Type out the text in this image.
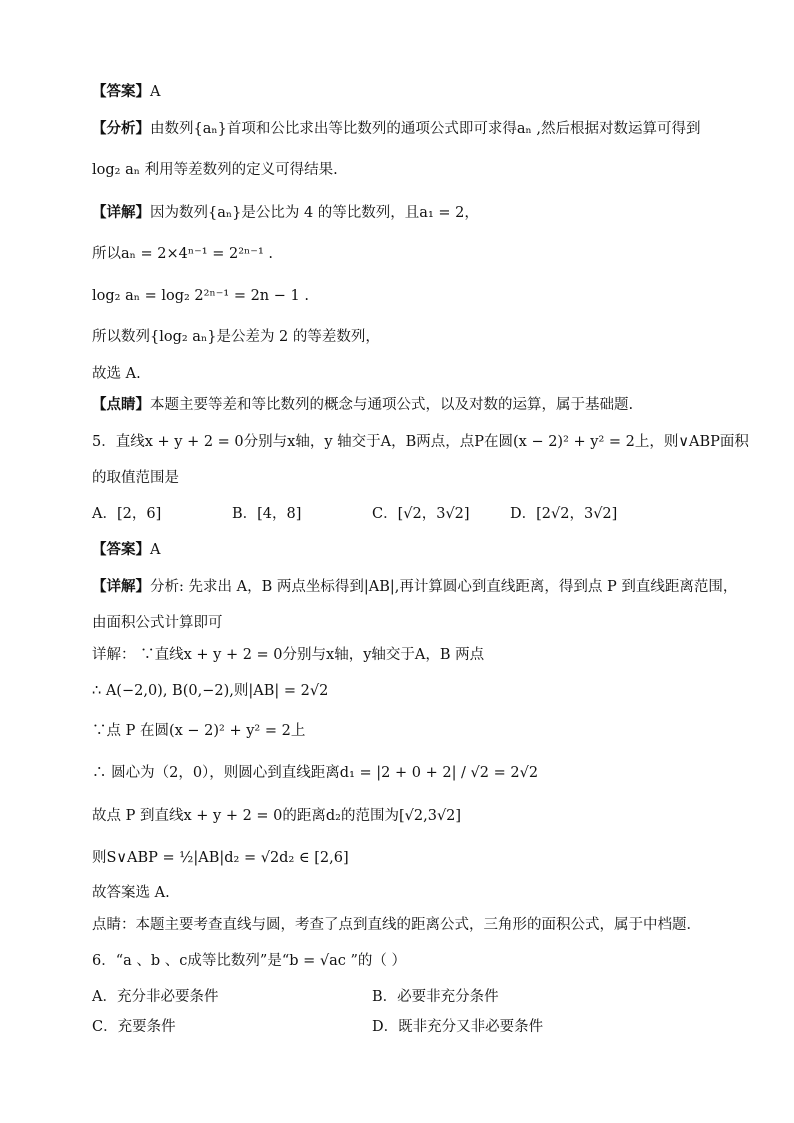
【答案】A
【分析】由数列{aₙ}首项和公比求出等比数列的通项公式即可求得aₙ ,然后根据对数运算可得到
log₂ aₙ 利用等差数列的定义可得结果.
【详解】因为数列{aₙ}是公比为 4 的等比数列，且a₁ = 2，
所以aₙ = 2×4ⁿ⁻¹ = 2²ⁿ⁻¹ .
log₂ aₙ = log₂ 2²ⁿ⁻¹ = 2n − 1 .
所以数列{log₂ aₙ}是公差为 2 的等差数列，
故选 A.
【点睛】本题主要等差和等比数列的概念与通项公式，以及对数的运算，属于基础题.
5．直线x + y + 2 = 0分别与x轴，y 轴交于A，B两点，点P在圆(x − 2)² + y² = 2上，则∨ABP面积
的取值范围是
A．[2，6]	B．[4，8]	C．[√2，3√2]	D．[2√2，3√2]
【答案】A
【详解】分析: 先求出 A，B 两点坐标得到|AB|,再计算圆心到直线距离，得到点 P 到直线距离范围，
由面积公式计算即可
详解： ∵直线x + y + 2 = 0分别与x轴，y轴交于A，B 两点
∴ A(−2,0), B(0,−2),则|AB| = 2√2
∵点 P 在圆(x − 2)² + y² = 2上
∴ 圆心为（2，0），则圆心到直线距离d₁ = |2 + 0 + 2| / √2 = 2√2
故点 P 到直线x + y + 2 = 0的距离d₂的范围为[√2,3√2]
则S∨ABP = ½|AB|d₂ = √2d₂ ∈ [2,6]
故答案选 A.
点睛：本题主要考查直线与圆，考查了点到直线的距离公式，三角形的面积公式，属于中档题．
6．“a 、b 、c成等比数列”是“b = √ac ”的（ ）
A．充分非必要条件	B．必要非充分条件
C．充要条件	D．既非充分又非必要条件
